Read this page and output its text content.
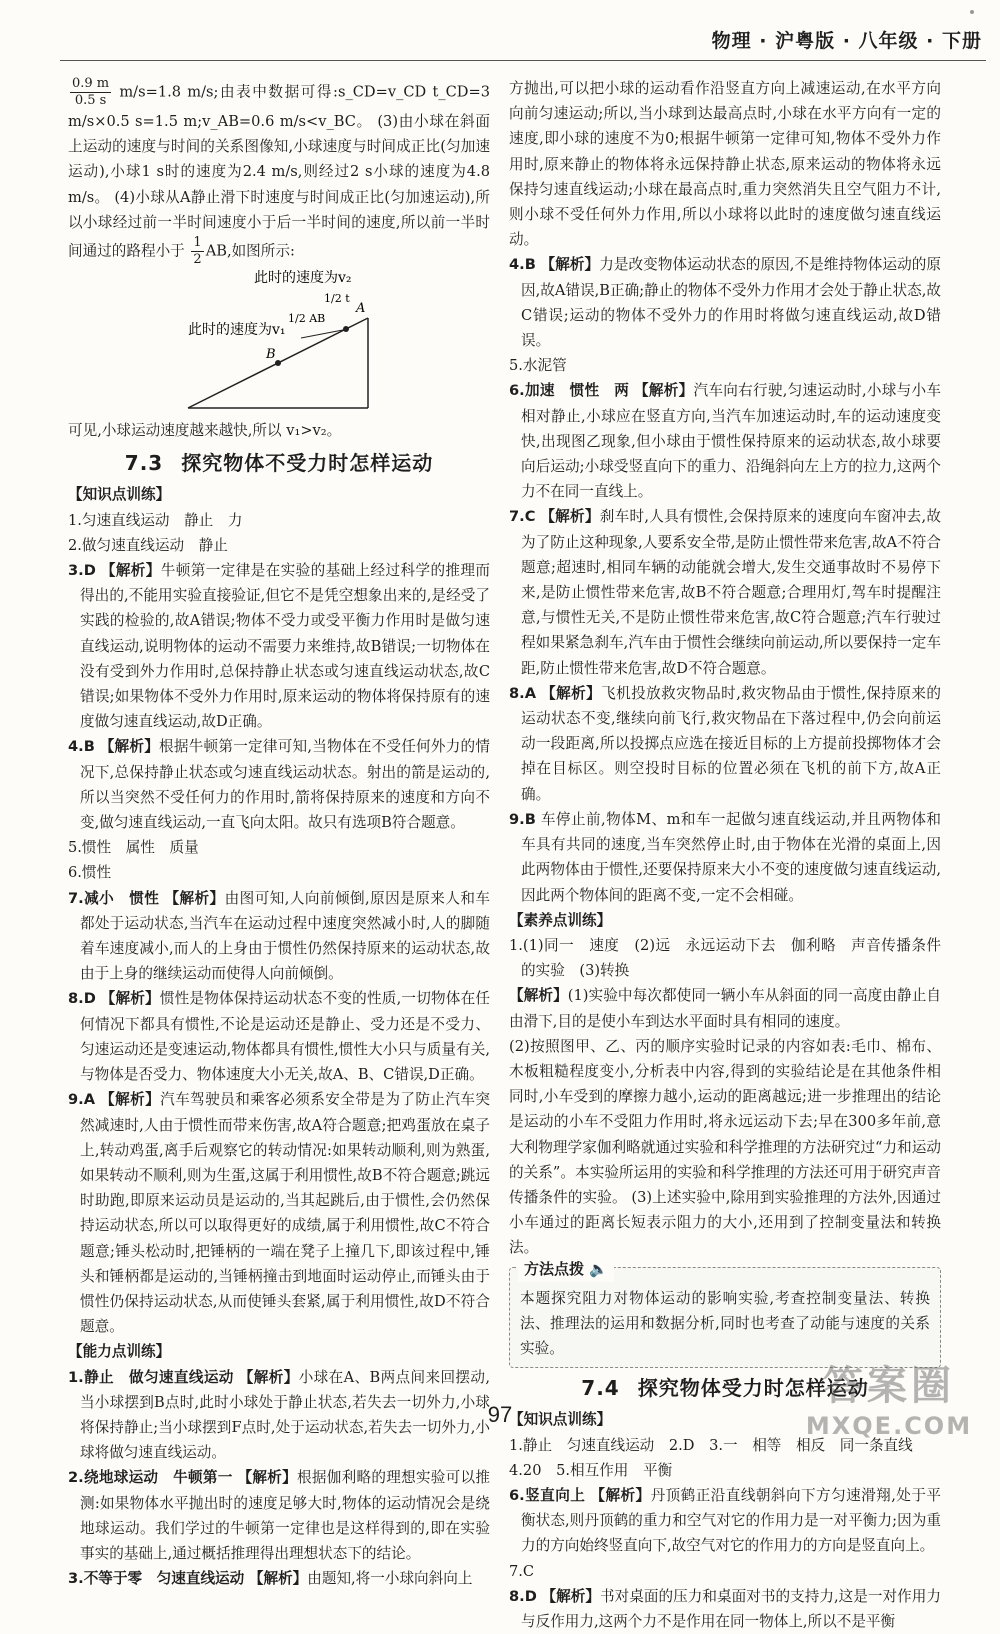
物理 · 沪粤版 · 八年级 · 下册

$\frac{0.9 m}{0.5 s} m/s=1.8$ m/s;由表中数据可得:s_CD=v_CD t_CD=3 m/s×0.5 s=1.5 m;v_AB=0.6 m/s<v_BC。 (3)由小球在斜面上运动的速度与时间的关系图像知,小球速度与时间成正比(匀加速运动),小球1 s时的速度为2.4 m/s,则经过2 s小球的速度为4.8 m/s。 (4)小球从A静止滑下时速度与时间成正比(匀加速运动),所以小球经过前一半时间速度小于后一半时间的速度,所以前一半时间通过的路程小于 $\frac{1}{2}$ AB,如图所示:

B
A
此时的速度为v₂
此时的速度为v₁
1/2 AB
1/2 t

可见,小球运动速度越来越快,所以 v₁>v₂。

7.3 探究物体不受力时怎样运动
【知识点训练】

1.匀速直线运动　静止　力

2.做匀速直线运动　静止

3.D 【解析】牛顿第一定律是在实验的基础上经过科学的推理而得出的,不能用实验直接验证,但它不是凭空想象出来的,是经受了实践的检验的,故A错误;物体不受力或受平衡力作用时是做匀速直线运动,说明物体的运动不需要力来维持,故B错误;一切物体在没有受到外力作用时,总保持静止状态或匀速直线运动状态,故C错误;如果物体不受外力作用时,原来运动的物体将保持原有的速度做匀速直线运动,故D正确。

4.B 【解析】根据牛顿第一定律可知,当物体在不受任何外力的情况下,总保持静止状态或匀速直线运动状态。射出的箭是运动的,所以当突然不受任何力的作用时,箭将保持原来的速度和方向不变,做匀速直线运动,一直飞向太阳。故只有选项B符合题意。

5.惯性　属性　质量

6.惯性

7.减小　惯性 【解析】由图可知,人向前倾倒,原因是原来人和车都处于运动状态,当汽车在运动过程中速度突然减小时,人的脚随着车速度减小,而人的上身由于惯性仍然保持原来的运动状态,故由于上身的继续运动而使得人向前倾倒。

8.D 【解析】惯性是物体保持运动状态不变的性质,一切物体在任何情况下都具有惯性,不论是运动还是静止、受力还是不受力、匀速运动还是变速运动,物体都具有惯性,惯性大小只与质量有关,与物体是否受力、物体速度大小无关,故A、B、C错误,D正确。

9.A 【解析】汽车驾驶员和乘客必须系安全带是为了防止汽车突然减速时,人由于惯性而带来伤害,故A符合题意;把鸡蛋放在桌子上,转动鸡蛋,离手后观察它的转动情况:如果转动顺利,则为熟蛋,如果转动不顺利,则为生蛋,这属于利用惯性,故B不符合题意;跳远时助跑,即原来运动员是运动的,当其起跳后,由于惯性,会仍然保持运动状态,所以可以取得更好的成绩,属于利用惯性,故C不符合题意;锤头松动时,把锤柄的一端在凳子上撞几下,即该过程中,锤头和锤柄都是运动的,当锤柄撞击到地面时运动停止,而锤头由于惯性仍保持运动状态,从而使锤头套紧,属于利用惯性,故D不符合题意。

【能力点训练】

1.静止　做匀速直线运动 【解析】小球在A、B两点间来回摆动,当小球摆到B点时,此时小球处于静止状态,若失去一切外力,小球将保持静止;当小球摆到F点时,处于运动状态,若失去一切外力,小球将做匀速直线运动。

2.绕地球运动　牛顿第一 【解析】根据伽利略的理想实验可以推测:如果物体水平抛出时的速度足够大时,物体的运动情况会是绕地球运动。我们学过的牛顿第一定律也是这样得到的,即在实验事实的基础上,通过概括推理得出理想状态下的结论。

3.不等于零　匀速直线运动 【解析】由题知,将一小球向斜向上

方抛出,可以把小球的运动看作沿竖直方向上减速运动,在水平方向向前匀速运动;所以,当小球到达最高点时,小球在水平方向有一定的速度,即小球的速度不为0;根据牛顿第一定律可知,物体不受外力作用时,原来静止的物体将永远保持静止状态,原来运动的物体将永远保持匀速直线运动;小球在最高点时,重力突然消失且空气阻力不计,则小球不受任何外力作用,所以小球将以此时的速度做匀速直线运动。

4.B 【解析】力是改变物体运动状态的原因,不是维持物体运动的原因,故A错误,B正确;静止的物体不受外力作用才会处于静止状态,故C错误;运动的物体不受外力的作用时将做匀速直线运动,故D错误。

5.水泥管

6.加速　惯性　两 【解析】汽车向右行驶,匀速运动时,小球与小车相对静止,小球应在竖直方向,当汽车加速运动时,车的运动速度变快,出现图乙现象,但小球由于惯性保持原来的运动状态,故小球要向后运动;小球受竖直向下的重力、沿绳斜向左上方的拉力,这两个力不在同一直线上。

7.C 【解析】刹车时,人具有惯性,会保持原来的速度向车窗冲去,故为了防止这种现象,人要系安全带,是防止惯性带来危害,故A不符合题意;超速时,相同车辆的动能就会增大,发生交通事故时不易停下来,是防止惯性带来危害,故B不符合题意;合理用灯,驾车时提醒注意,与惯性无关,不是防止惯性带来危害,故C符合题意;汽车行驶过程如果紧急刹车,汽车由于惯性会继续向前运动,所以要保持一定车距,防止惯性带来危害,故D不符合题意。

8.A 【解析】飞机投放救灾物品时,救灾物品由于惯性,保持原来的运动状态不变,继续向前飞行,救灾物品在下落过程中,仍会向前运动一段距离,所以投掷点应选在接近目标的上方提前投掷物体才会掉在目标区。则空投时目标的位置必须在飞机的前下方,故A正确。

9.B 车停止前,物体M、m和车一起做匀速直线运动,并且两物体和车具有共同的速度,当车突然停止时,由于物体在光滑的桌面上,因此两物体由于惯性,还要保持原来大小不变的速度做匀速直线运动,因此两个物体间的距离不变,一定不会相碰。

【素养点训练】

1.(1)同一　速度　(2)远　永远运动下去　伽利略　声音传播条件的实验　(3)转换

【解析】(1)实验中每次都使同一辆小车从斜面的同一高度由静止自由滑下,目的是使小车到达水平面时具有相同的速度。

(2)按照图甲、乙、丙的顺序实验时记录的内容如表:毛巾、棉布、木板粗糙程度变小,分析表中内容,得到的实验结论是在其他条件相同时,小车受到的摩擦力越小,运动的距离越远;进一步推理出的结论是运动的小车不受阻力作用时,将永远运动下去;早在300多年前,意大利物理学家伽利略就通过实验和科学推理的方法研究过“力和运动的关系”。本实验所运用的实验和科学推理的方法还可用于研究声音传播条件的实验。 (3)上述实验中,除用到实验推理的方法外,因通过小车通过的距离长短表示阻力的大小,还用到了控制变量法和转换法。

方法点拨 🔈

本题探究阻力对物体运动的影响实验,考查控制变量法、转换法、推理法的运用和数据分析,同时也考查了动能与速度的关系实验。

7.4 探究物体受力时怎样运动
【知识点训练】

1.静止　匀速直线运动　2.D　3.一　相等　相反　同一条直线

4.20　5.相互作用　平衡

6.竖直向上 【解析】丹顶鹤正沿直线朝斜向下方匀速滑翔,处于平衡状态,则丹顶鹤的重力和空气对它的作用力是一对平衡力;因为重力的方向始终竖直向下,故空气对它的作用力的方向是竖直向上。

7.C

8.D 【解析】书对桌面的压力和桌面对书的支持力,这是一对作用力与反作用力,这两个力不是作用在同一物体上,所以不是平衡

97
答案圈
MXQE.COM
